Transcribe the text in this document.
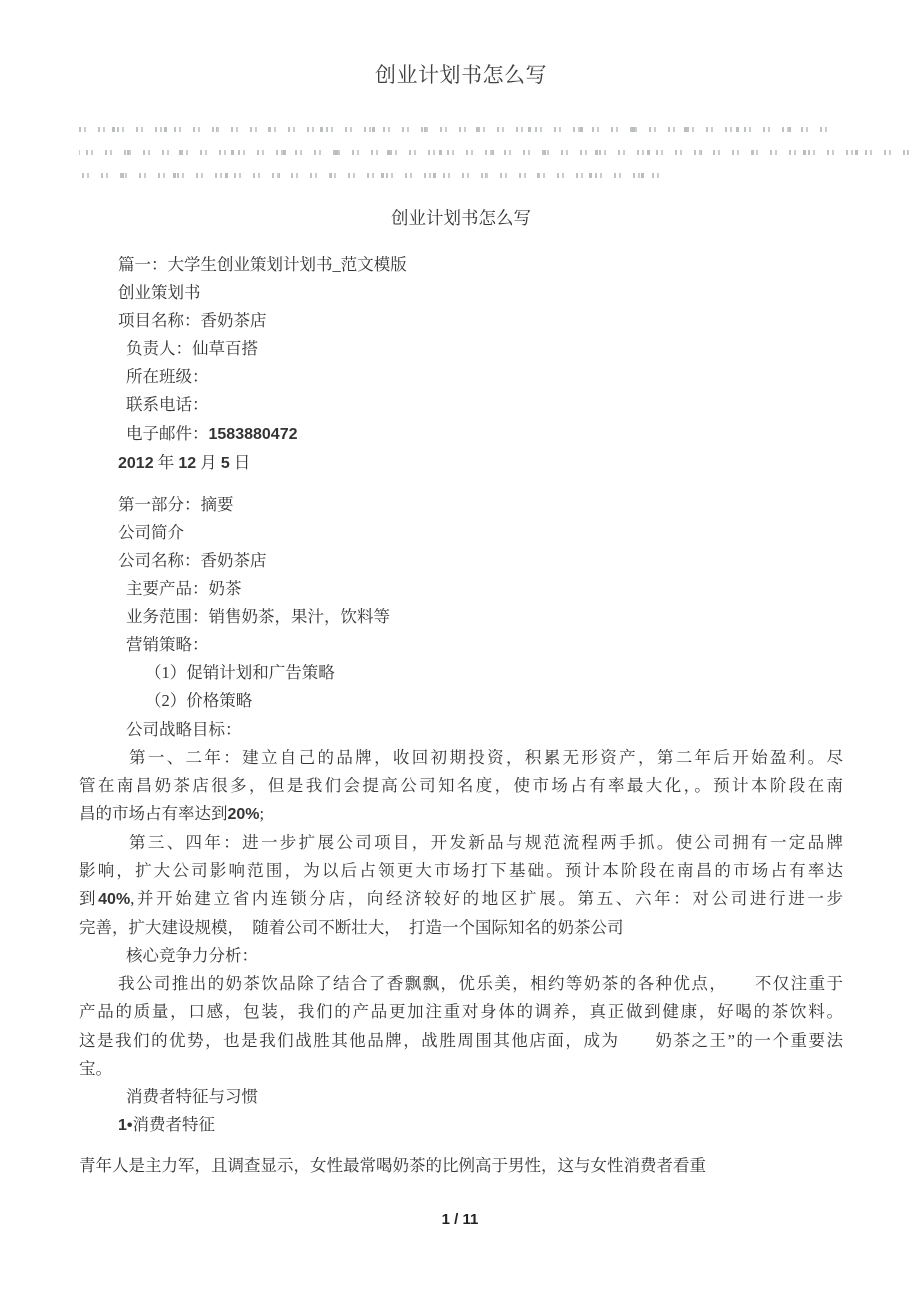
创业计划书怎么写
创业计划书怎么写
篇一：大学生创业策划计划书_范文模版
创业策划书
项目名称：香奶茶店
负责人：仙草百搭
所在班级：
联系电话：
电子邮件：1583880472
2012 年 12 月 5 日
第一部分：摘要
公司简介
公司名称：香奶茶店
主要产品：奶茶
业务范围：销售奶茶，果汁，饮料等
营销策略：
（1）促销计划和广告策略
（2）价格策略
公司战略目标：
第一、二年：建立自己的品牌，收回初期投资，积累无形资产，第二年后开始盈利。尽
管在南昌奶茶店很多，但是我们会提高公司知名度，使市场占有率最大化，。预计本阶段在南
昌的市场占有率达到20%;
第三、四年：进一步扩展公司项目，开发新品与规范流程两手抓。使公司拥有一定品牌
影响，扩大公司影响范围，为以后占领更大市场打下基础。预计本阶段在南昌的市场占有率达
到40%,并开始建立省内连锁分店，向经济较好的地区扩展。第五、六年：对公司进行进一步
完善，扩大建设规模，　随着公司不断壮大，　打造一个国际知名的奶茶公司
核心竞争力分析：
我公司推出的奶茶饮品除了结合了香飘飘，优乐美，相约等奶茶的各种优点，　　不仅注重于
产品的质量，口感，包装，我们的产品更加注重对身体的调养，真正做到健康，好喝的茶饮料。
这是我们的优势，也是我们战胜其他品牌，战胜周围其他店面，成为　　奶茶之王”的一个重要法
宝。
消费者特征与习惯
1•消费者特征
青年人是主力军，且调查显示，女性最常喝奶茶的比例高于男性，这与女性消费者看重
1 / 11
